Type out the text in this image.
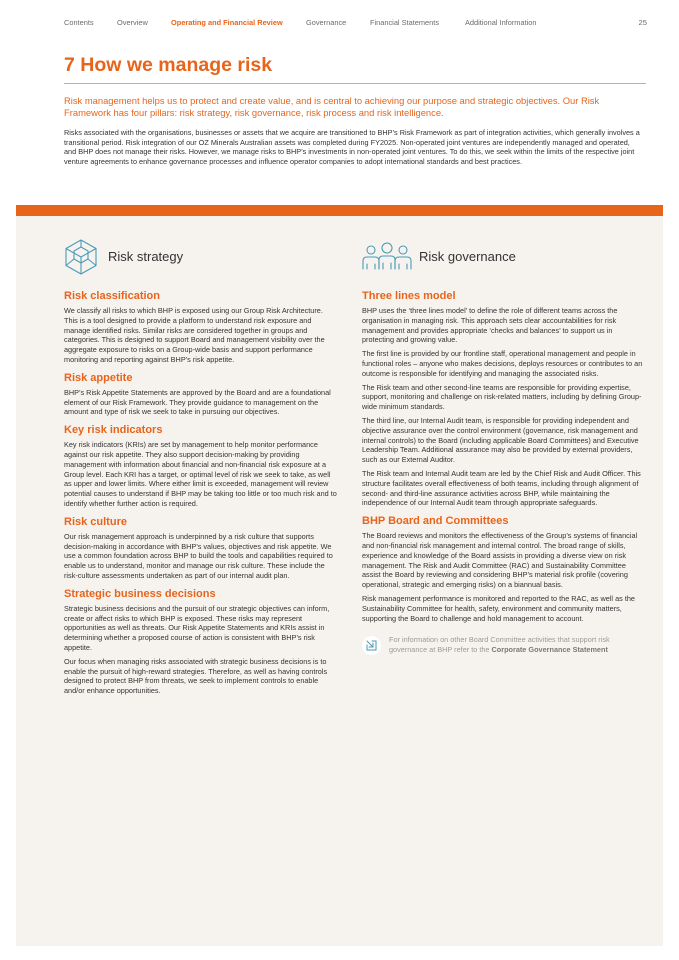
Contents	Overview	Operating and Financial Review	Governance	Financial Statements	Additional Information	25
7 How we manage risk

Risk management helps us to protect and create value, and is central to achieving our purpose and strategic objectives. Our Risk Framework has four pillars: risk strategy, risk governance, risk process and risk intelligence.

Risks associated with the organisations, businesses or assets that we acquire are transitioned to BHP’s Risk Framework as part of integration activities, which generally involves a transitional period. Risk integration of our OZ Minerals Australian assets was completed during FY2025. Non-operated joint ventures are independently managed and operated, and BHP does not manage their risks. However, we manage risks to BHP’s investments in non-operated joint ventures. To do this, we seek within the limits of the respective joint venture agreements to enhance governance processes and influence operator companies to adopt international standards and best practices.

Risk strategy
Risk classification

We classify all risks to which BHP is exposed using our Group Risk Architecture. This is a tool designed to provide a platform to understand risk exposure and manage identified risks. Similar risks are considered together in groups and categories. This is designed to support Board and management visibility over the aggregate exposure to risks on a Group-wide basis and support performance monitoring and reporting against BHP’s risk appetite.

Risk appetite

BHP’s Risk Appetite Statements are approved by the Board and are a foundational element of our Risk Framework. They provide guidance to management on the amount and type of risk we seek to take in pursuing our objectives.

Key risk indicators

Key risk indicators (KRIs) are set by management to help monitor performance against our risk appetite. They also support decision-making by providing management with information about financial and non-financial risk exposure at a Group level. Each KRI has a target, or optimal level of risk we seek to take, as well as upper and lower limits. Where either limit is exceeded, management will review potential causes to understand if BHP may be taking too little or too much risk and to identify whether further action is required.

Risk culture

Our risk management approach is underpinned by a risk culture that supports decision-making in accordance with BHP’s values, objectives and risk appetite. We use a common foundation across BHP to build the tools and capabilities required to enable us to understand, monitor and manage our risk culture. These include the risk-culture assessments undertaken as part of our internal audit plan.

Strategic business decisions

Strategic business decisions and the pursuit of our strategic objectives can inform, create or affect risks to which BHP is exposed. These risks may represent opportunities as well as threats. Our Risk Appetite Statements and KRIs assist in determining whether a proposed course of action is consistent with BHP’s risk appetite.

Our focus when managing risks associated with strategic business decisions is to enable the pursuit of high-reward strategies. Therefore, as well as having controls designed to protect BHP from threats, we seek to implement controls to enable and/or enhance opportunities.

Risk governance
Three lines model

BHP uses the ‘three lines model’ to define the role of different teams across the organisation in managing risk. This approach sets clear accountabilities for risk management and provides appropriate ‘checks and balances’ to support us in protecting and growing value.

The first line is provided by our frontline staff, operational management and people in functional roles – anyone who makes decisions, deploys resources or contributes to an outcome is responsible for identifying and managing the associated risks.

The Risk team and other second-line teams are responsible for providing expertise, support, monitoring and challenge on risk-related matters, including by defining Group-wide minimum standards.

The third line, our Internal Audit team, is responsible for providing independent and objective assurance over the control environment (governance, risk management and internal controls) to the Board (including applicable Board Committees) and Executive Leadership Team. Additional assurance may also be provided by external providers, such as our External Auditor.

The Risk team and Internal Audit team are led by the Chief Risk and Audit Officer. This structure facilitates overall effectiveness of both teams, including through alignment of second- and third-line assurance activities across BHP, while maintaining the independence of our Internal Audit team through appropriate safeguards.

BHP Board and Committees

The Board reviews and monitors the effectiveness of the Group’s systems of financial and non-financial risk management and internal control. The broad range of skills, experience and knowledge of the Board assists in providing a diverse view on risk management. The Risk and Audit Committee (RAC) and Sustainability Committee assist the Board by reviewing and considering BHP’s material risk profile (covering operational, strategic and emerging risks) on a biannual basis.

Risk management performance is monitored and reported to the RAC, as well as the Sustainability Committee for health, safety, environment and community matters, supporting the Board to challenge and hold management to account.

For information on other Board Committee activities that support risk governance at BHP refer to the Corporate Governance Statement
